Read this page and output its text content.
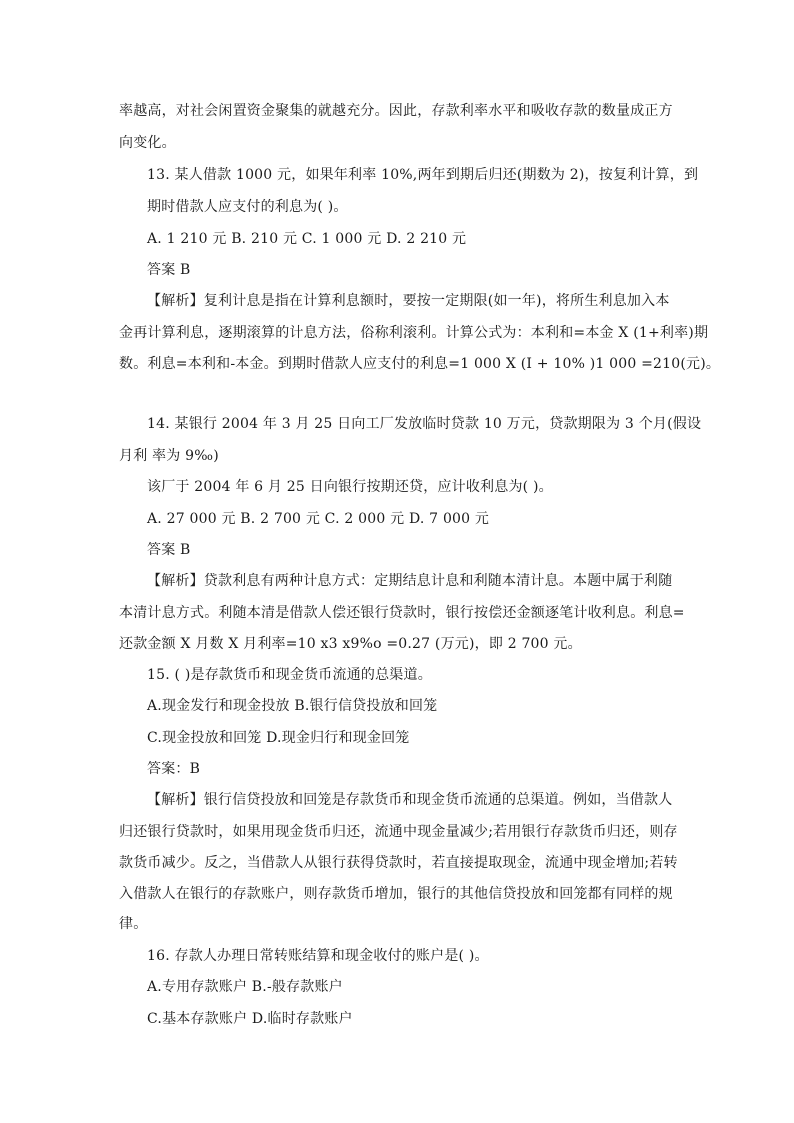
率越高，对社会闲置资金聚集的就越充分。因此，存款利率水平和吸收存款的数量成正方
向变化。
13. 某人借款 1000 元，如果年利率 10%,两年到期后归还(期数为 2)，按复利计算，到
期时借款人应支付的利息为( )。
A. 1 210 元 B. 210 元 C. 1 000 元 D. 2 210 元
答案 B
【解析】复利计息是指在计算利息额时，要按一定期限(如一年)，将所生利息加入本
金再计算利息，逐期滚算的计息方法，俗称利滚利。计算公式为：本利和=本金 X (1+利率)期
数。利息=本利和-本金。到期时借款人应支付的利息=1 000 X (I + 10% )1 000 =210(元)。
14. 某银行 2004 年 3 月 25 日向工厂发放临时贷款 10 万元，贷款期限为 3 个月(假设
月利 率为 9‰)
该厂于 2004 年 6 月 25 日向银行按期还贷，应计收利息为( )。
A. 27 000 元 B. 2 700 元 C. 2 000 元 D. 7 000 元
答案 B
【解析】贷款利息有两种计息方式：定期结息计息和利随本清计息。本题中属于利随
本清计息方式。利随本清是借款人偿还银行贷款时，银行按偿还金额逐笔计收利息。利息=
还款金额 X 月数 X 月利率=10 x3 x9%o =0.27 (万元)，即 2 700 元。
15. ( )是存款货币和现金货币流通的总渠道。
A.现金发行和现金投放 B.银行信贷投放和回笼
C.现金投放和回笼 D.现金归行和现金回笼
答案：B
【解析】银行信贷投放和回笼是存款货币和现金货币流通的总渠道。例如，当借款人
归还银行贷款时，如果用现金货币归还，流通中现金量减少;若用银行存款货币归还，则存
款货币减少。反之，当借款人从银行获得贷款时，若直接提取现金，流通中现金增加;若转
入借款人在银行的存款账户，则存款货币增加，银行的其他信贷投放和回笼都有同样的规
律。
16. 存款人办理日常转账结算和现金收付的账户是( )。
A.专用存款账户 B.-般存款账户
C.基本存款账户 D.临时存款账户
